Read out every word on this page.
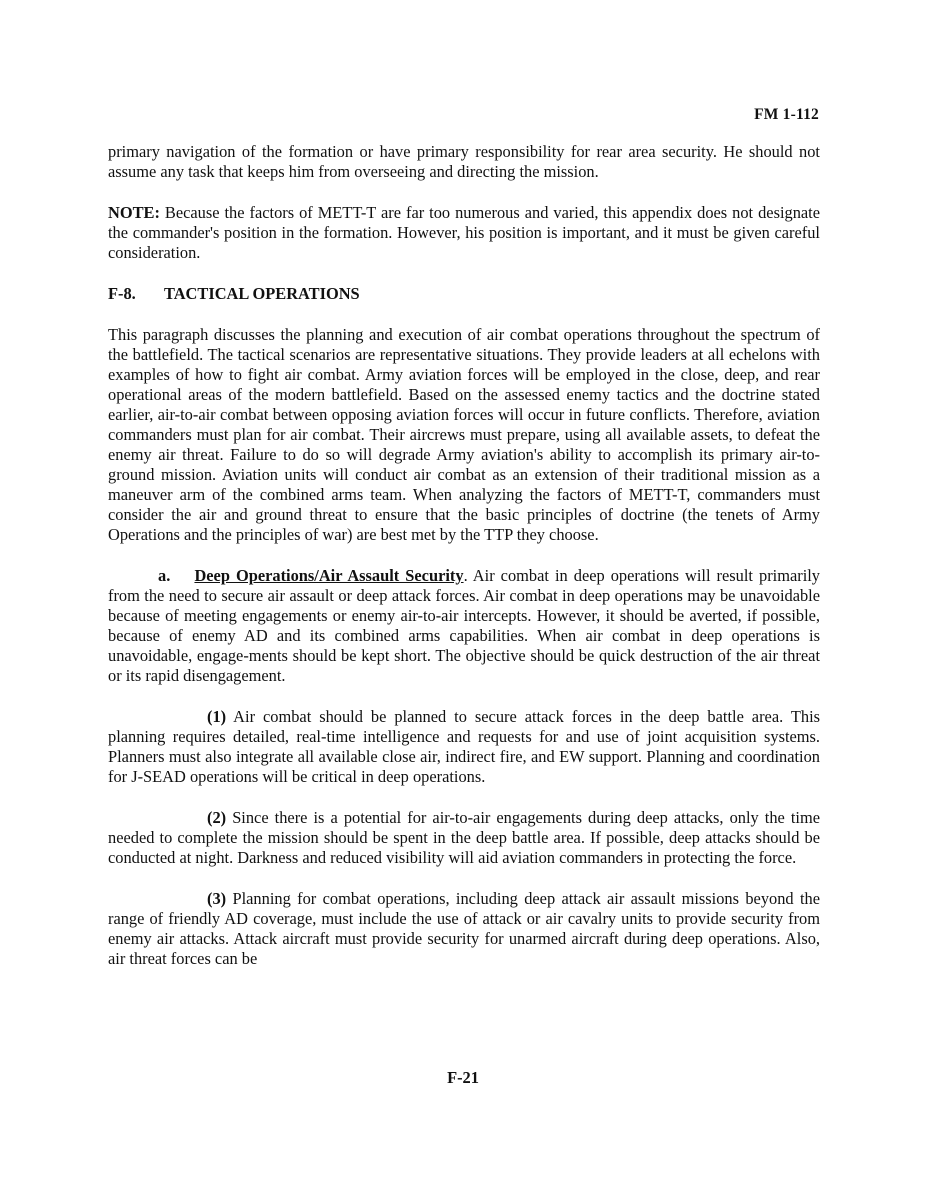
FM 1-112

primary navigation of the formation or have primary responsibility for rear area security. He should not assume any task that keeps him from overseeing and directing the mission.

NOTE: Because the factors of METT-T are far too numerous and varied, this appendix does not designate the commander's position in the formation. However, his position is important, and it must be given careful consideration.

F-8. TACTICAL OPERATIONS

This paragraph discusses the planning and execution of air combat operations throughout the spectrum of the battlefield. The tactical scenarios are representative situations. They provide leaders at all echelons with examples of how to fight air combat. Army aviation forces will be employed in the close, deep, and rear operational areas of the modern battlefield. Based on the assessed enemy tactics and the doctrine stated earlier, air-to-air combat between opposing aviation forces will occur in future conflicts. Therefore, aviation commanders must plan for air combat. Their aircrews must prepare, using all available assets, to defeat the enemy air threat. Failure to do so will degrade Army aviation's ability to accomplish its primary air-to-ground mission. Aviation units will conduct air combat as an extension of their traditional mission as a maneuver arm of the combined arms team. When analyzing the factors of METT-T, commanders must consider the air and ground threat to ensure that the basic principles of doctrine (the tenets of Army Operations and the principles of war) are best met by the TTP they choose.

a. Deep Operations/Air Assault Security. Air combat in deep operations will result primarily from the need to secure air assault or deep attack forces. Air combat in deep operations may be unavoidable because of meeting engagements or enemy air-to-air intercepts. However, it should be averted, if possible, because of enemy AD and its combined arms capabilities. When air combat in deep operations is unavoidable, engage-ments should be kept short. The objective should be quick destruction of the air threat or its rapid disengagement.

(1) Air combat should be planned to secure attack forces in the deep battle area. This planning requires detailed, real-time intelligence and requests for and use of joint acquisition systems. Planners must also integrate all available close air, indirect fire, and EW support. Planning and coordination for J-SEAD operations will be critical in deep operations.

(2) Since there is a potential for air-to-air engagements during deep attacks, only the time needed to complete the mission should be spent in the deep battle area. If possible, deep attacks should be conducted at night. Darkness and reduced visibility will aid aviation commanders in protecting the force.

(3) Planning for combat operations, including deep attack air assault missions beyond the range of friendly AD coverage, must include the use of attack or air cavalry units to provide security from enemy air attacks. Attack aircraft must provide security for unarmed aircraft during deep operations. Also, air threat forces can be

F-21
